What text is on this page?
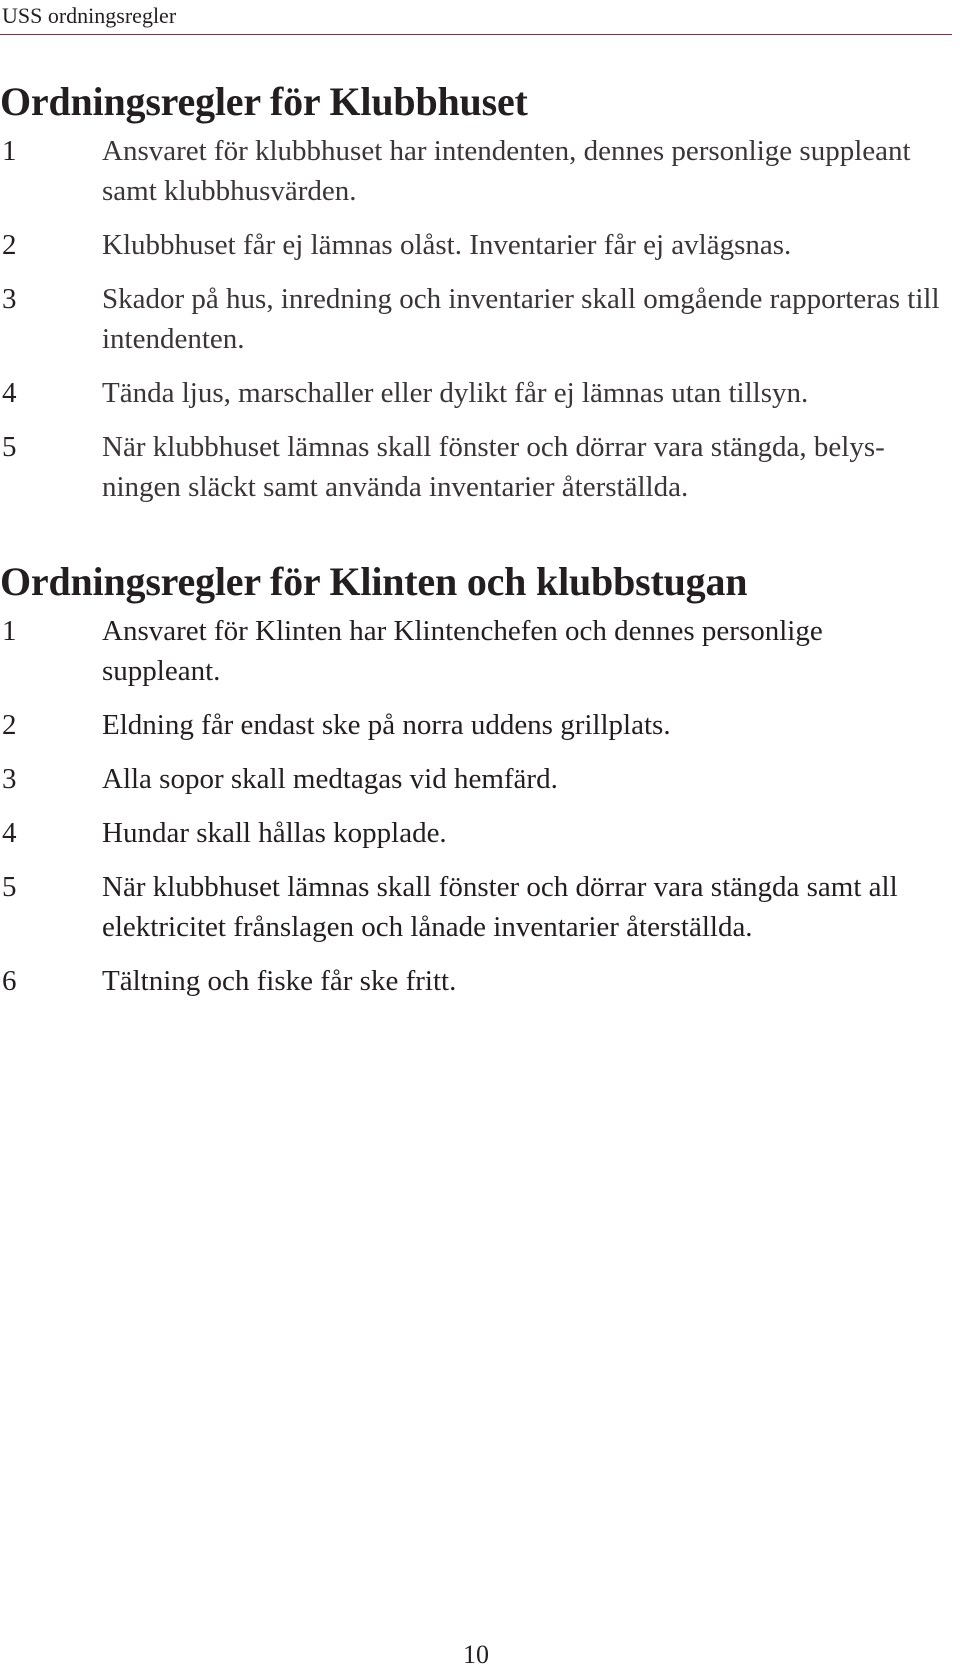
USS ordningsregler
Ordningsregler för Klubbhuset
1	Ansvaret för klubbhuset har intendenten, dennes personlige suppleant samt klubbhusvärden.
2	Klubbhuset får ej lämnas olåst. Inventarier får ej avlägsnas.
3	Skador på hus, inredning och inventarier skall omgående rapporteras till intendenten.
4	Tända ljus, marschaller eller dylikt får ej lämnas utan tillsyn.
5	När klubbhuset lämnas skall fönster och dörrar vara stängda, belysningen släckt samt använda inventarier återställda.
Ordningsregler för Klinten och klubbstugan
1	Ansvaret för Klinten har Klintenchefen och dennes personlige suppleant.
2	Eldning får endast ske på norra uddens grillplats.
3	Alla sopor skall medtagas vid hemfärd.
4	Hundar skall hållas kopplade.
5	När klubbhuset lämnas skall fönster och dörrar vara stängda samt all elektricitet frånslagen och lånade inventarier återställda.
6	Tältning och fiske får ske fritt.
10
